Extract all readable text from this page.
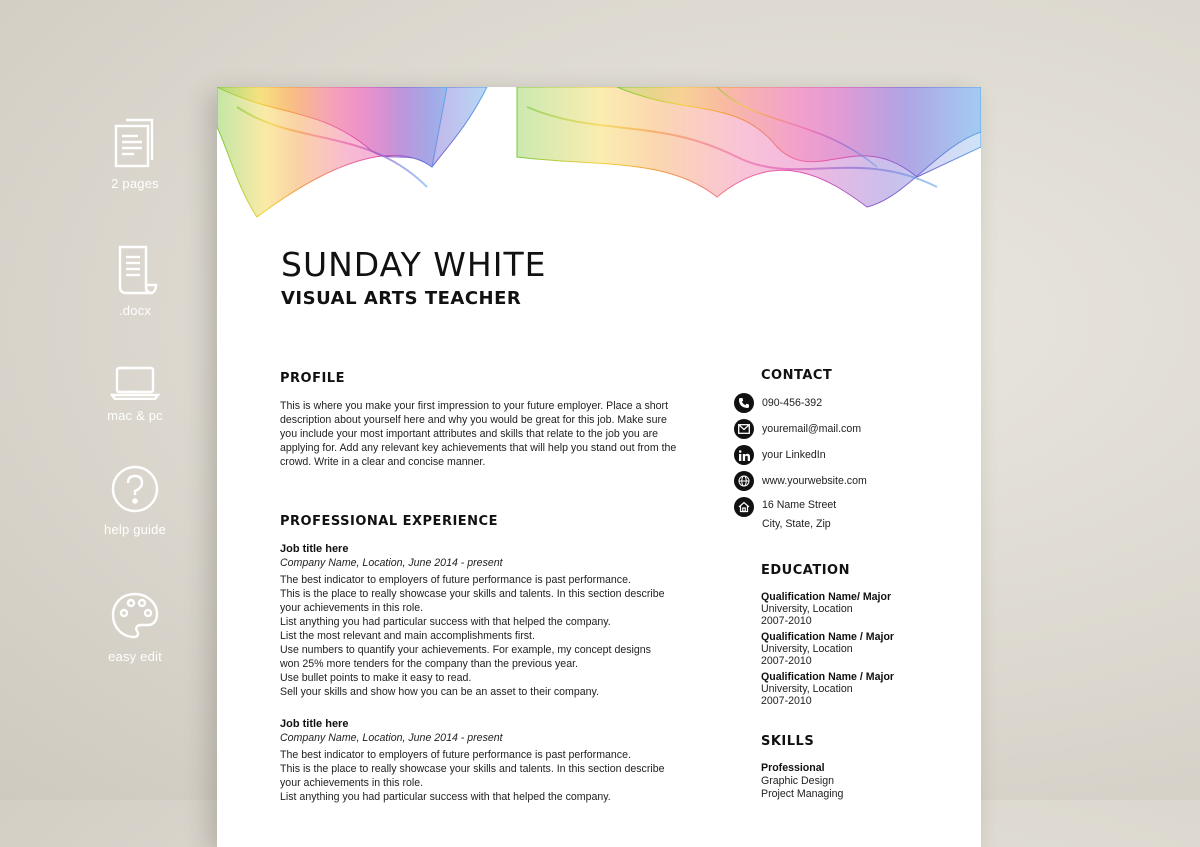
2 pages
.docx
mac & pc
help guide
easy edit
SUNDAY WHITE
VISUAL ARTS TEACHER
PROFILE

This is where you make your first impression to your future employer. Place a short description about yourself here and why you would be great for this job. Make sure you include your most important attributes and skills that relate to the job you are applying for. Add any relevant key achievements that will help you stand out from the crowd. Write in a clear and concise manner.

PROFESSIONAL EXPERIENCE
Job title here
Company Name, Location, June 2014 - present
The best indicator to employers of future performance is past performance.
This is the place to really showcase your skills and talents. In this section describe
your achievements in this role.
List anything you had particular success with that helped the company.
List the most relevant and main accomplishments first.
Use numbers to quantify your achievements. For example, my concept designs
won 25% more tenders for the company than the previous year.
Use bullet points to make it easy to read.
Sell your skills and show how you can be an asset to their company.
Job title here
Company Name, Location, June 2014 - present
The best indicator to employers of future performance is past performance.
This is the place to really showcase your skills and talents. In this section describe
your achievements in this role.
List anything you had particular success with that helped the company.
CONTACT
090-456-392
youremail@mail.com
your LinkedIn
www.yourwebsite.com
16 Name Street
City, State, Zip
EDUCATION
Qualification Name/ Major
University, Location
2007-2010
Qualification Name / Major
University, Location
2007-2010
Qualification Name / Major
University, Location
2007-2010
SKILLS
Professional
Graphic Design
Project Managing
